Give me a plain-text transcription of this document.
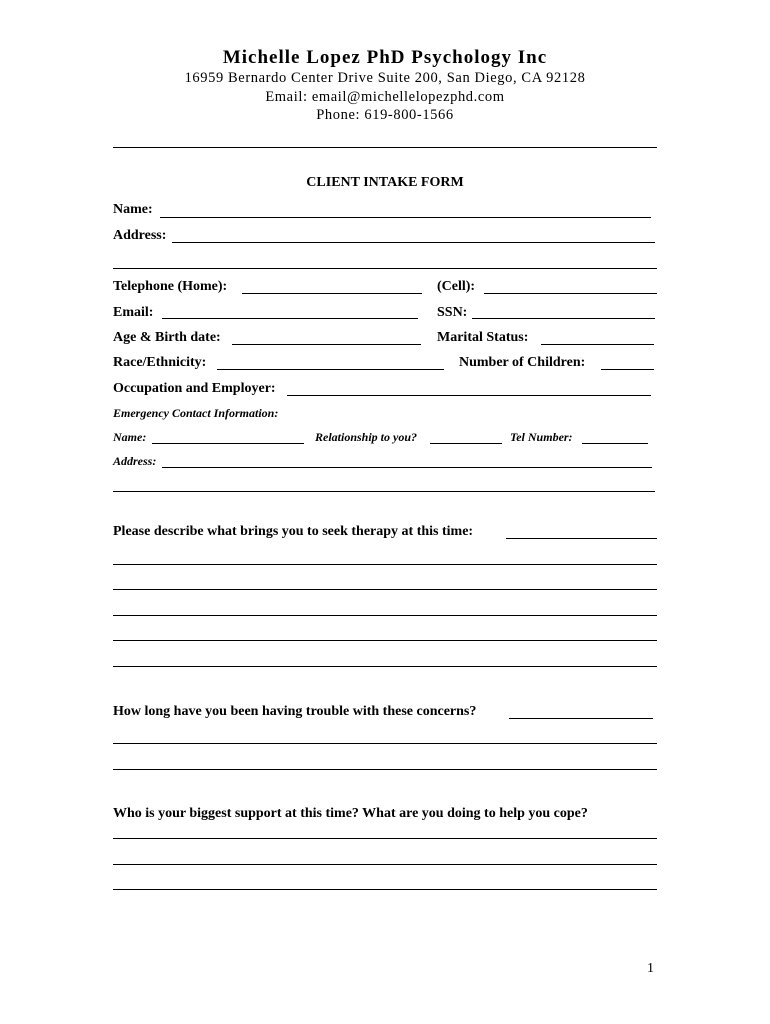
Michelle Lopez PhD Psychology Inc
16959 Bernardo Center Drive Suite 200, San Diego, CA 92128
Email: email@michellelopezphd.com
Phone: 619-800-1566
CLIENT INTAKE FORM
Name:
Address:
Telephone (Home):	(Cell):
Email:	SSN:
Age & Birth date:	Marital Status:
Race/Ethnicity:	Number of Children:
Occupation and Employer:
Emergency Contact Information:
Name:	Relationship to you?	Tel Number:
Address:
Please describe what brings you to seek therapy at this time:
How long have you been having trouble with these concerns?
Who is your biggest support at this time? What are you doing to help you cope?
1
